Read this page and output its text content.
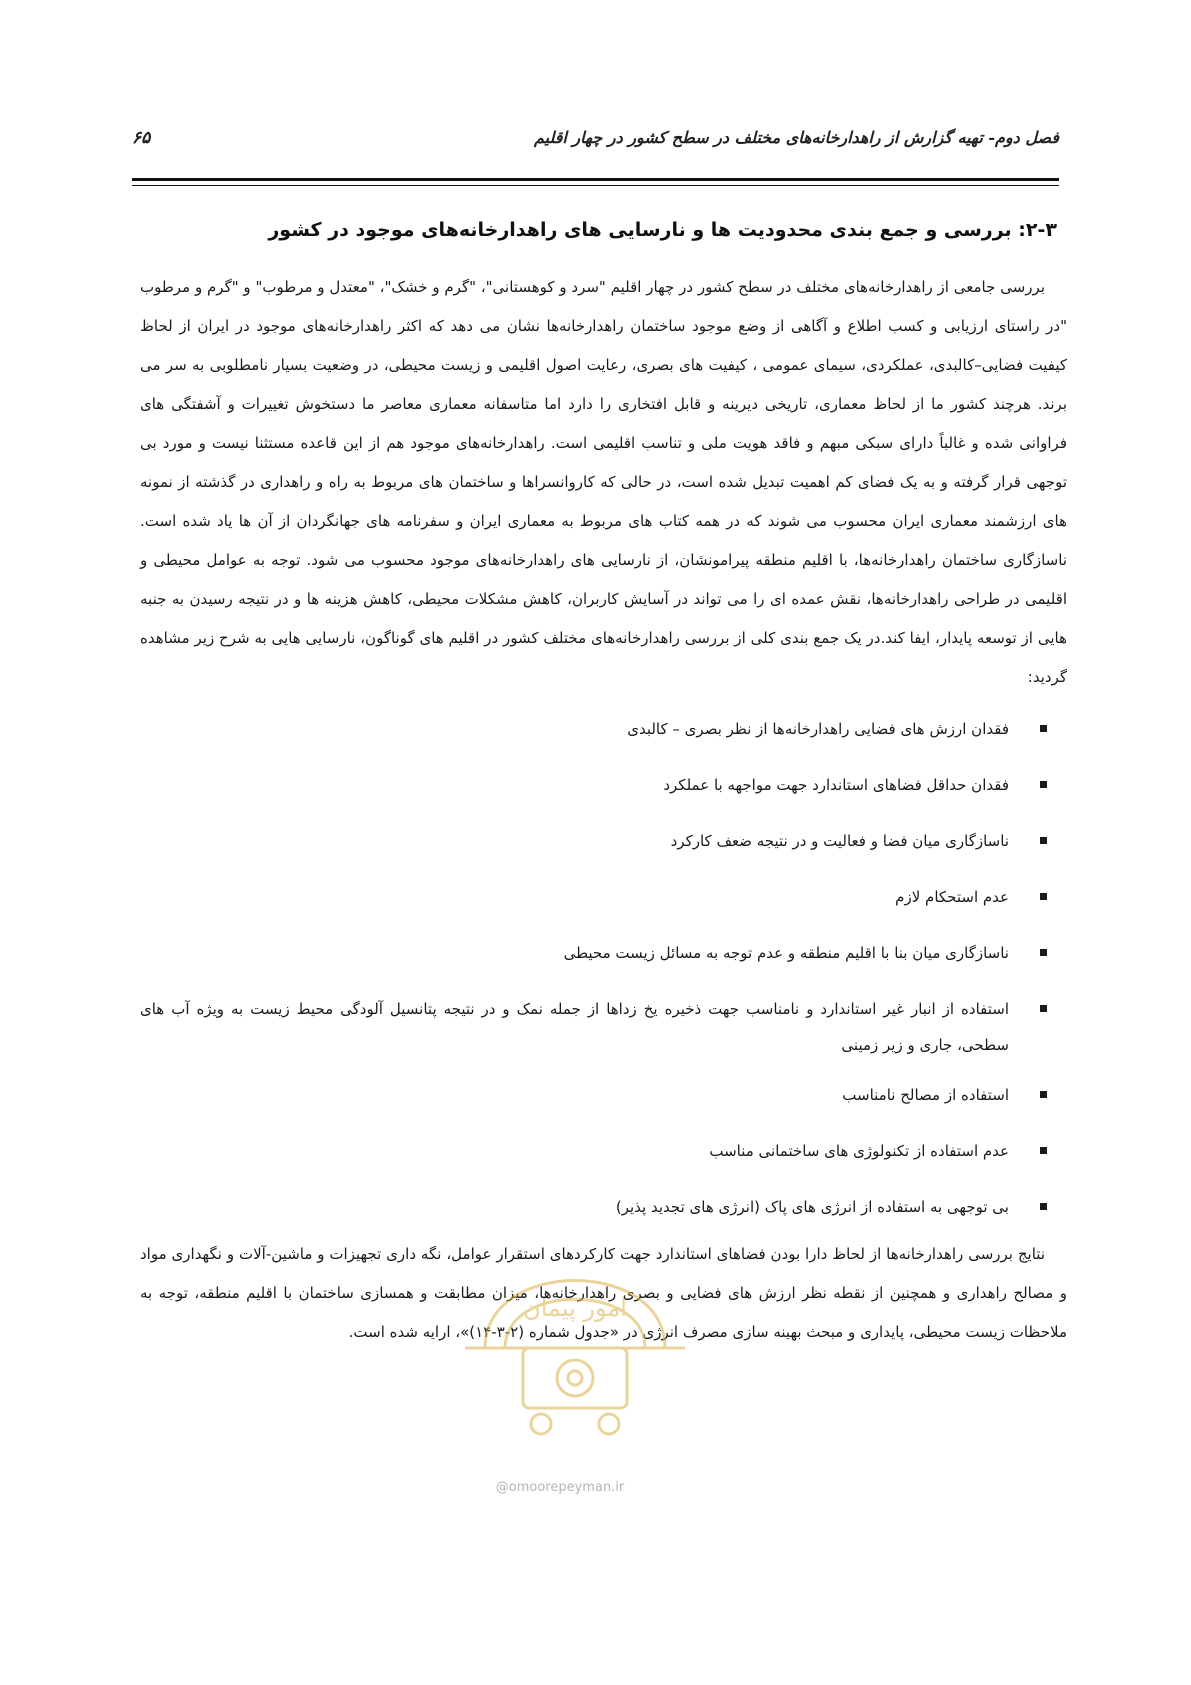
فصل دوم- تهیه گزارش از راهدارخانه‌های مختلف در سطح کشور در چهار اقلیم
۶۵
۲-۳: بررسی و جمع بندی محدودیت ها و نارسایی های راهدارخانه‌های موجود در کشور

بررسی جامعی از راهدارخانه‌های مختلف در سطح کشور در چهار اقلیم "سرد و کوهستانی"، "گرم و خشک"، "معتدل و مرطوب" و "گرم و مرطوب "در راستای ارزیابی و کسب اطلاع و آگاهی از وضع موجود ساختمان راهدارخانه‌ها نشان می دهد که اکثر راهدارخانه‌های موجود در ایران از لحاظ کیفیت فضایی–کالبدی، عملکردی، سیمای عمومی ، کیفیت های بصری، رعایت اصول اقلیمی و زیست محیطی، در وضعیت بسیار نامطلوبی به سر می برند. هرچند کشور ما از لحاظ معماری، تاریخی دیرینه و قابل افتخاری را دارد اما متاسفانه معماری معاصر ما دستخوش تغییرات و آشفتگی های فراوانی شده و غالباً دارای سبکی مبهم و فاقد هویت ملی و تناسب اقلیمی است. راهدارخانه‌های موجود هم از این قاعده مستثنا نیست و مورد بی توجهی قرار گرفته و به یک فضای کم اهمیت تبدیل شده است، در حالی که کاروانسراها و ساختمان های مربوط به راه و راهداری در گذشته از نمونه های ارزشمند معماری ایران محسوب می شوند که در همه کتاب های مربوط به معماری ایران و سفرنامه های جهانگردان از آن ها یاد شده است. ناسازگاری ساختمان راهدارخانه‌ها، با اقلیم منطقه پیرامونشان، از نارسایی های راهدارخانه‌های موجود محسوب می شود. توجه به عوامل محیطی و اقلیمی در طراحی راهدارخانه‌ها، نقش عمده ای را می تواند در آسایش کاربران، کاهش مشکلات محیطی، کاهش هزینه ها و در نتیجه رسیدن به جنبه هایی از توسعه پایدار، ایفا کند.در یک جمع بندی کلی از بررسی راهدارخانه‌های مختلف کشور در اقلیم های گوناگون، نارسایی هایی به شرح زیر مشاهده گردید:

فقدان ارزش های فضایی راهدارخانه‌ها از نظر بصری – کالبدی
فقدان حداقل فضاهای استاندارد جهت مواجهه با عملکرد
ناسازگاری میان فضا و فعالیت و در نتیجه ضعف کارکرد
عدم استحکام لازم
ناسازگاری میان بنا با اقلیم منطقه و عدم توجه به مسائل زیست محیطی
استفاده از انبار غیر استاندارد و نامناسب جهت ذخیره یخ زداها از جمله نمک و در نتیجه پتانسیل آلودگی محیط زیست به ویژه آب های سطحی، جاری و زیر زمینی
استفاده از مصالح نامناسب
عدم استفاده از تکنولوژی های ساختمانی مناسب
بی توجهی به استفاده از انرژی های پاک (انرژی های تجدید پذیر)

نتایج بررسی راهدارخانه‌ها از لحاظ دارا بودن فضاهای استاندارد جهت کارکردهای استقرار عوامل، نگه داری تجهیزات و ماشین-آلات و نگهداری مواد و مصالح راهداری و همچنین از نقطه نظر ارزش های فضایی و بصری راهدارخانه‌ها، میزان مطابقت و همسازی ساختمان با اقلیم منطقه، توجه به ملاحظات زیست محیطی، پایداری و مبحث بهینه سازی مصرف انرژی در «جدول شماره (۲-۳-۱۴)»، ارایه شده است.

امور پیمان
@omoorepeyman.ir
